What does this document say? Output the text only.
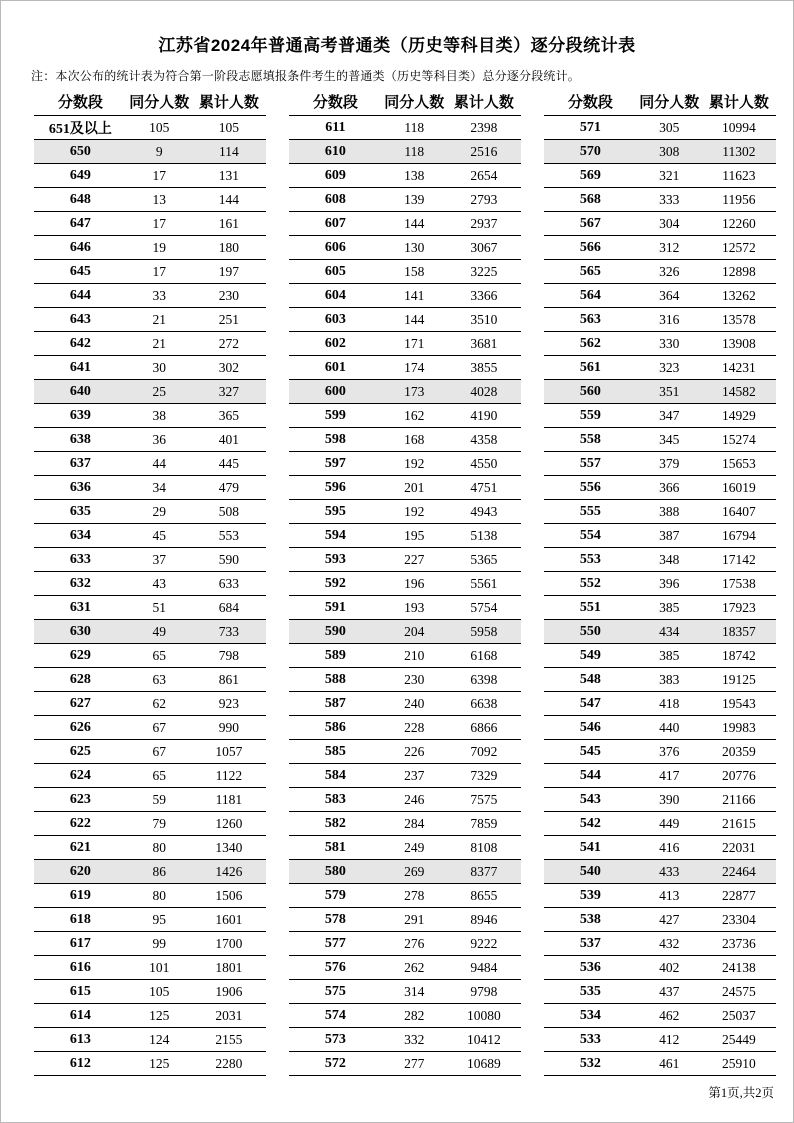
江苏省2024年普通高考普通类（历史等科目类）逐分段统计表
注：本次公布的统计表为符合第一阶段志愿填报条件考生的普通类（历史等科目类）总分逐分段统计。
分数段	同分人数 累计人数
651及以上	105	105
650	9	114
649	17	131
648	13	144
647	17	161
646	19	180
645	17	197
644	33	230
643	21	251
642	21	272
641	30	302
640	25	327
639	38	365
638	36	401
637	44	445
636	34	479
635	29	508
634	45	553
633	37	590
632	43	633
631	51	684
630	49	733
629	65	798
628	63	861
627	62	923
626	67	990
625	67	1057
624	65	1122
623	59	1181
622	79	1260
621	80	1340
620	86	1426
619	80	1506
618	95	1601
617	99	1700
616	101	1801
615	105	1906
614	125	2031
613	124	2155
612	125	2280
分数段	同分人数 累计人数
611	118	2398
610	118	2516
609	138	2654
608	139	2793
607	144	2937
606	130	3067
605	158	3225
604	141	3366
603	144	3510
602	171	3681
601	174	3855
600	173	4028
599	162	4190
598	168	4358
597	192	4550
596	201	4751
595	192	4943
594	195	5138
593	227	5365
592	196	5561
591	193	5754
590	204	5958
589	210	6168
588	230	6398
587	240	6638
586	228	6866
585	226	7092
584	237	7329
583	246	7575
582	284	7859
581	249	8108
580	269	8377
579	278	8655
578	291	8946
577	276	9222
576	262	9484
575	314	9798
574	282	10080
573	332	10412
572	277	10689
分数段	同分人数 累计人数
571	305	10994
570	308	11302
569	321	11623
568	333	11956
567	304	12260
566	312	12572
565	326	12898
564	364	13262
563	316	13578
562	330	13908
561	323	14231
560	351	14582
559	347	14929
558	345	15274
557	379	15653
556	366	16019
555	388	16407
554	387	16794
553	348	17142
552	396	17538
551	385	17923
550	434	18357
549	385	18742
548	383	19125
547	418	19543
546	440	19983
545	376	20359
544	417	20776
543	390	21166
542	449	21615
541	416	22031
540	433	22464
539	413	22877
538	427	23304
537	432	23736
536	402	24138
535	437	24575
534	462	25037
533	412	25449
532	461	25910
第1页,共2页
